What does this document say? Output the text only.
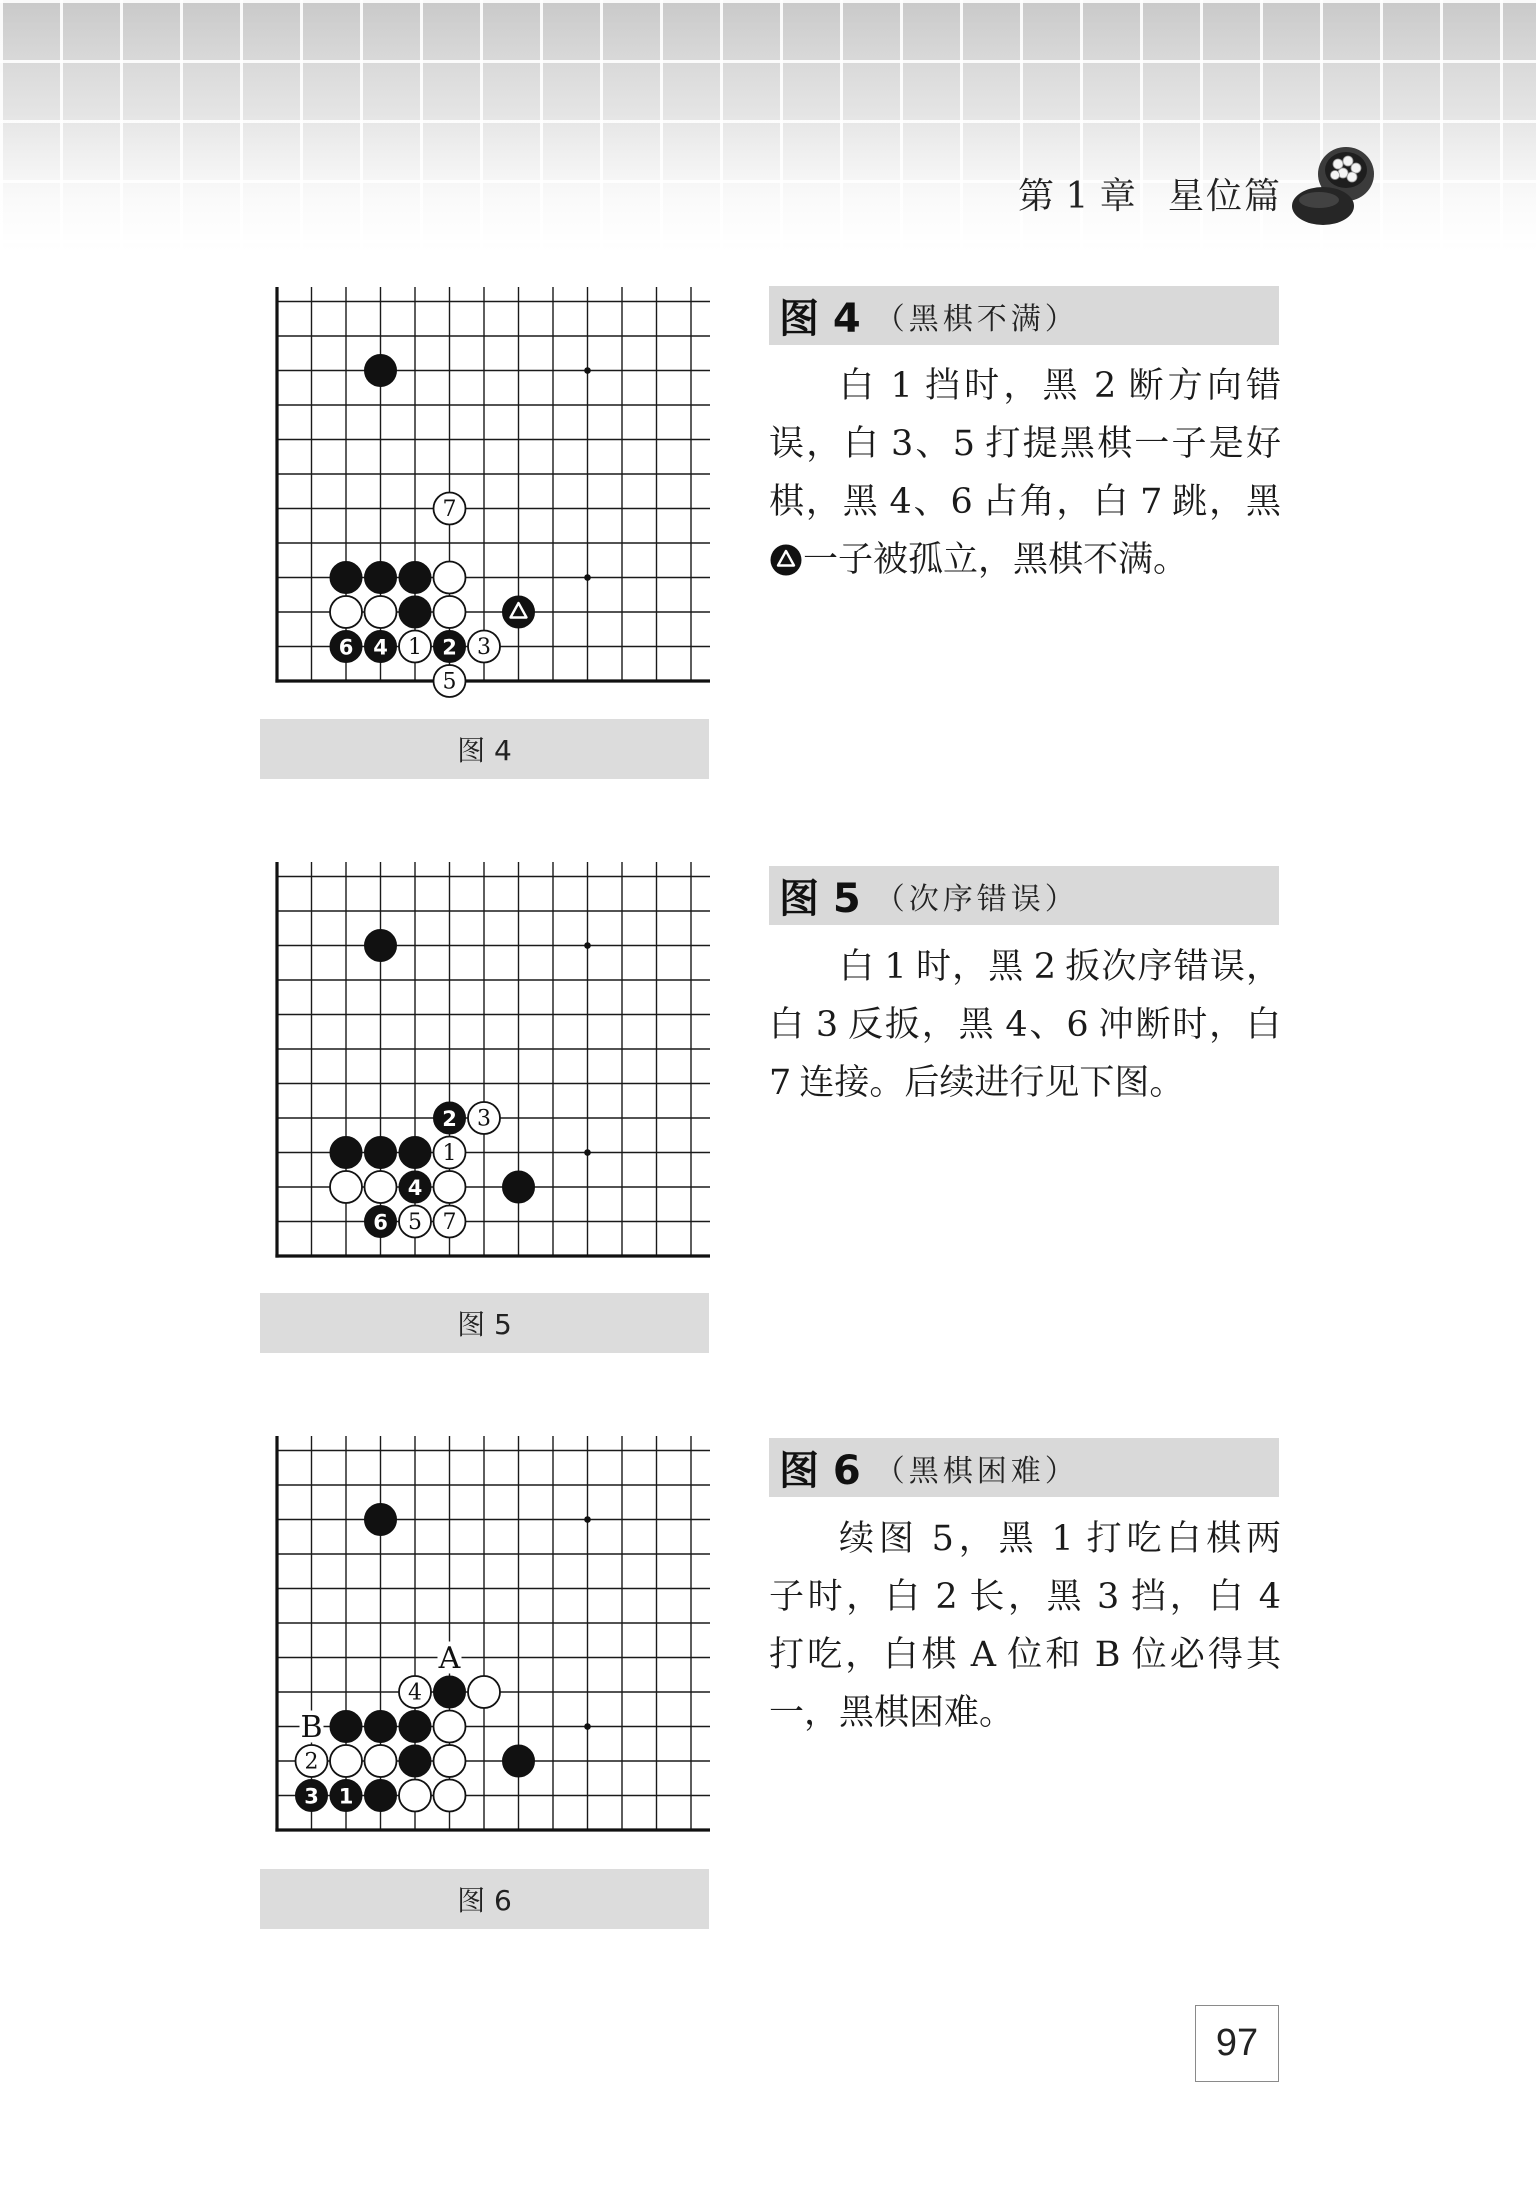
第 1 章 星位篇
7
6 4 1 2 3
5
图 4
图 4 （黑棋不满）
白 1 挡时，黑 2 断方向错
误，白 3、5 打提黑棋一子是好
棋，黑 4、6 占角，白 7 跳，黑
一子被孤立，黑棋不满。
2 3
1
4
6 5 7
图 5
图 5 （次序错误）
白 1 时，黑 2 扳次序错误，
白 3 反扳，黑 4、6 冲断时，白
7 连接。后续进行见下图。
A
B
4
2
3 1
图 6
图 6 （黑棋困难）
续图 5，黑 1 打吃白棋两
子时，白 2 长，黑 3 挡，白 4
打吃，白棋 A 位和 B 位必得其
一，黑棋困难。
97
